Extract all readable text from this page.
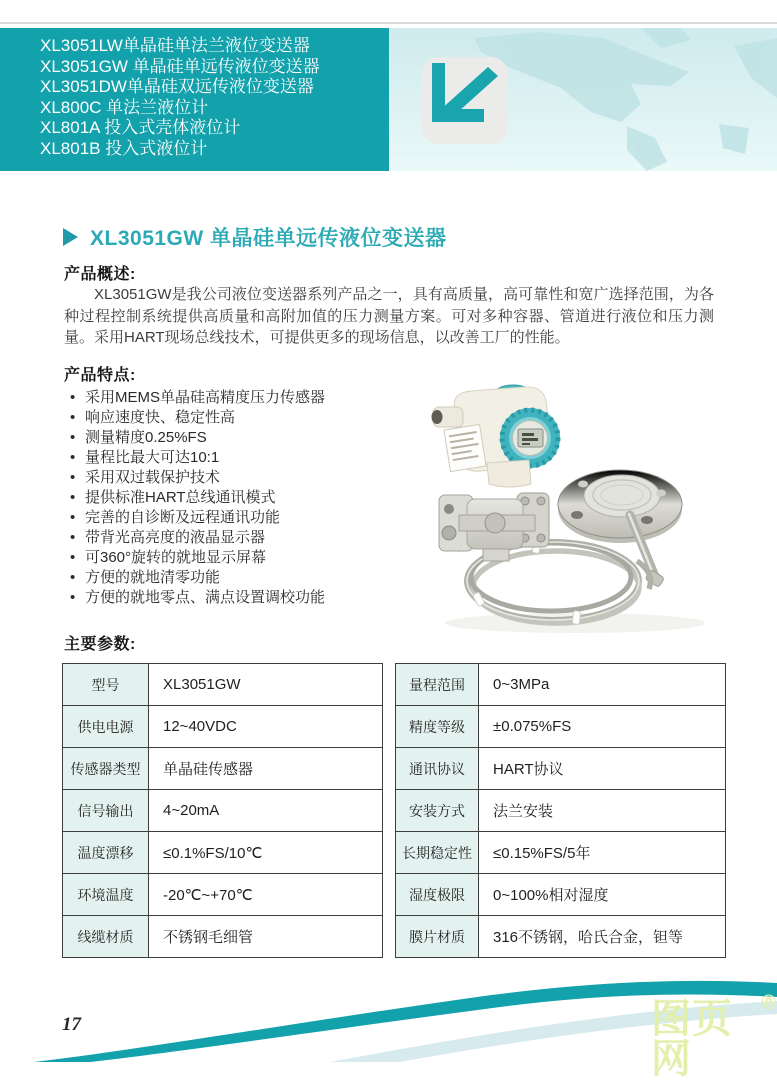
XL3051LW单晶硅单法兰液位变送器
XL3051GW 单晶硅单远传液位变送器
XL3051DW单晶硅双远传液位变送器
XL800C 单法兰液位计
XL801A 投入式壳体液位计
XL801B 投入式液位计
XL3051GW 单晶硅单远传液位变送器
产品概述:

XL3051GW是我公司液位变送器系列产品之一，具有高质量，高可靠性和宽广选择范围，为各种过程控制系统提供高质量和高附加值的压力测量方案。可对多种容器、管道进行液位和压力测量。采用HART现场总线技术，可提供更多的现场信息，以改善工厂的性能。

产品特点:
• 采用MEMS单晶硅高精度压力传感器
• 响应速度快、稳定性高
• 测量精度0.25%FS
• 量程比最大可达10:1
• 采用双过载保护技术
• 提供标准HART总线通讯模式
• 完善的自诊断及远程通讯功能
• 带背光高亮度的液晶显示器
• 可360°旋转的就地显示屏幕
• 方便的就地清零功能
• 方便的就地零点、满点设置调校功能
主要参数:
型号	XL3051GW
供电电源	12~40VDC
传感器类型	单晶硅传感器
信号输出	4~20mA
温度漂移	≤0.1%FS/10℃
环境温度	-20℃~+70℃
线缆材质	不锈钢毛细管
量程范围	0~3MPa
精度等级	±0.075%FS
通讯协议	HART协议
安装方式	法兰安装
长期稳定性	≤0.15%FS/5年
湿度极限	0~100%相对湿度
膜片材质	316不锈钢，哈氏合金，钽等
17	图页网
®
